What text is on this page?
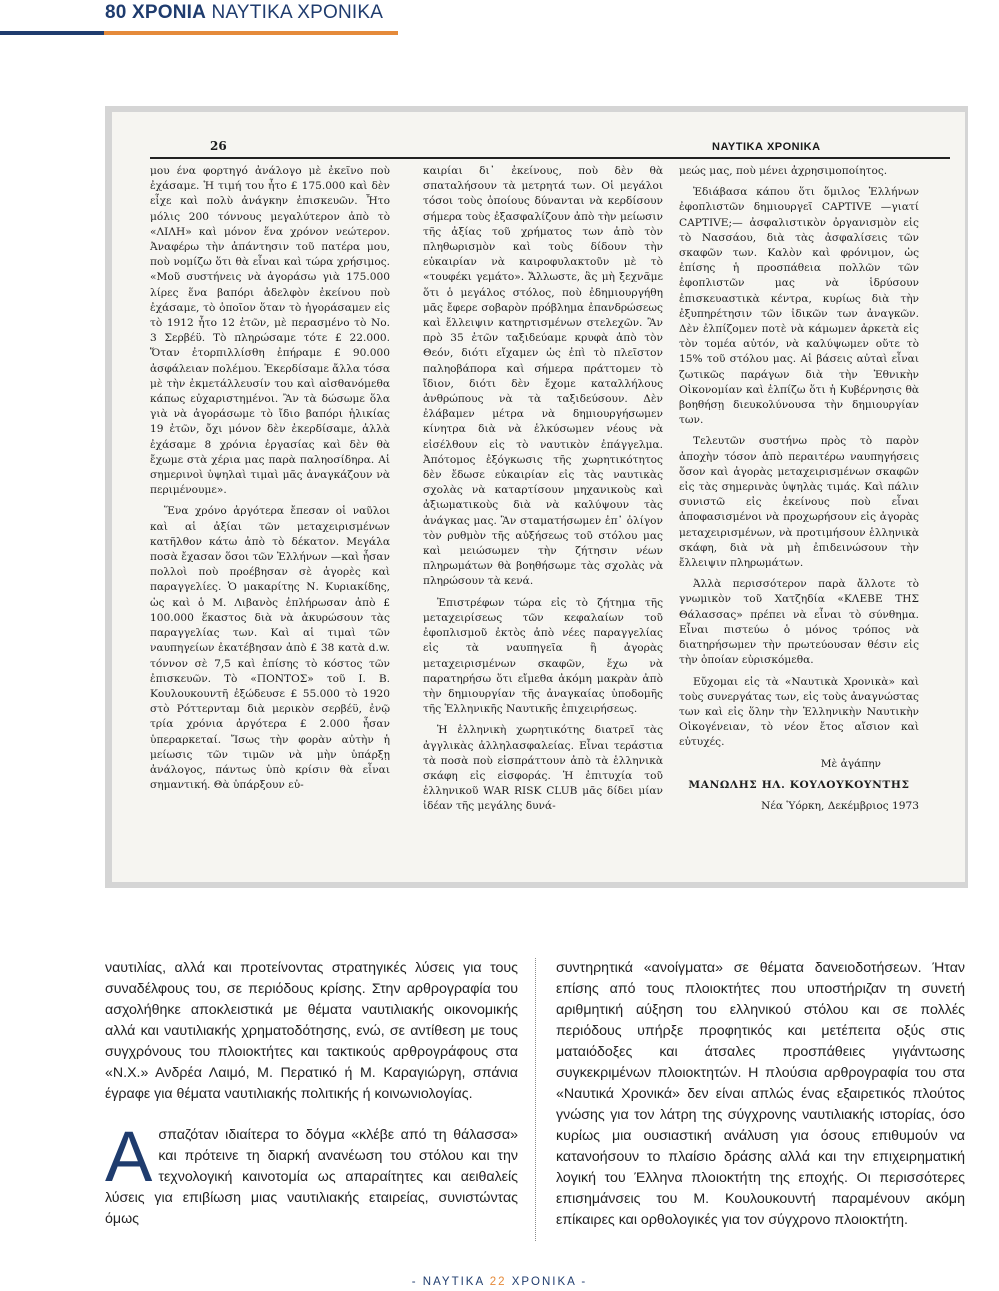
80 ΧΡΟΝΙΑ ΝΑΥΤΙΚΑ ΧΡΟΝΙΚΑ
26	ΝΑΥΤΙΚΑ ΧΡΟΝΙΚΑ

μου ένα φορτηγό ἀνάλογο μὲ ἐκεῖνο ποὺ ἐχάσαμε. Ἡ τιμή του ἦτο £ 175.000 καὶ δὲν εἶχε καὶ πολὺ ἀνάγκην ἐπισκευῶν. Ἦτο μόλις 200 τόννους μεγαλύτερον ἀπὸ τὸ «ΛΙΛΗ» καὶ μόνον ἕνα χρόνον νεώτερον. Ἀναφέρω τὴν ἀπάντησιν τοῦ πατέρα μου, ποὺ νομίζω ὅτι θὰ εἶναι καὶ τώρα χρήσιμος. «Μοῦ συστήνεις νὰ ἀγοράσω γιὰ 175.000 λίρες ἕνα βαπόρι ἀδελφὸν ἐκείνου ποὺ ἐχάσαμε, τὸ ὁποῖον ὅταν τὸ ἠγοράσαμεν εἰς τὸ 1912 ἦτο 12 ἐτῶν, μὲ περασμένο τὸ Νο. 3 Σερβέϋ. Τὸ πληρώσαμε τότε £ 22.000. Ὅταν ἐτορπιλλίσθη ἐπήραμε £ 90.000 ἀσφάλειαν πολέμου. Ἐκερδίσαμε ἄλλα τόσα μὲ τὴν ἐκμετάλλευσίν του καὶ αἰσθανόμεθα κάπως εὐχαριστημένοι. Ἂν τὰ δώσωμε ὅλα γιὰ νὰ ἀγοράσωμε τὸ ἴδιο βαπόρι ἡλικίας 19 ἐτῶν, ὄχι μόνον δὲν ἐκερδίσαμε, ἀλλὰ ἐχάσαμε 8 χρόνια ἐργασίας καὶ δὲν θὰ ἔχωμε στὰ χέρια μας παρὰ παληοσίδηρα. Αἱ σημερινοὶ ὑψηλαὶ τιμαὶ μᾶς ἀναγκάζουν νὰ περιμένουμε».

Ἕνα χρόνο ἀργότερα ἔπεσαν οἱ ναῦλοι καὶ αἱ ἀξίαι τῶν μεταχειρισμένων κατῆλθον κάτω ἀπὸ τὸ δέκατον. Μεγάλα ποσὰ ἔχασαν ὅσοι τῶν Ἑλλήνων —καὶ ἦσαν πολλοὶ ποὺ προέβησαν σὲ ἀγορὲς καὶ παραγγελίες. Ὁ μακαρίτης Ν. Κυριακίδης, ὡς καὶ ὁ Μ. Λιβανὸς ἐπλήρωσαν ἀπὸ £ 100.000 ἕκαστος διὰ νὰ ἀκυρώσουν τὰς παραγγελίας των. Καὶ αἱ τιμαὶ τῶν ναυπηγείων ἐκατέβησαν ἀπὸ £ 38 κατὰ d.w. τόννον σὲ 7,5 καὶ ἐπίσης τὸ κόστος τῶν ἐπισκευῶν. Τὸ «ΠΟΝΤΟΣ» τοῦ Ι. Β. Κουλουκουντῆ ἐξώδευσε £ 55.000 τὸ 1920 στὸ Ρόττερνταμ διὰ μερικὸν σερβέϋ, ἐνῷ τρία χρόνια ἀργότερα £ 2.000 ἦσαν ὑπεραρκεταί. Ἴσως τὴν φορὰν αὐτὴν ἡ μείωσις τῶν τιμῶν νὰ μὴν ὑπάρξῃ ἀνάλογος, πάντως ὑπὸ κρίσιν θὰ εἶναι σημαντική. Θὰ ὑπάρξουν εὐ-

καιρίαι δι᾽ ἐκείνους, ποὺ δὲν θὰ σπαταλήσουν τὰ μετρητά των. Οἱ μεγάλοι τόσοι τοὺς ὁποίους δύνανται νὰ κερδίσουν σήμερα τοὺς ἐξασφαλίζουν ἀπὸ τὴν μείωσιν τῆς ἀξίας τοῦ χρήματος των ἀπὸ τὸν πληθωρισμὸν καὶ τοὺς δίδουν τὴν εὐκαιρίαν νὰ καιροφυλακτοῦν μὲ τὸ «τουφέκι γεμάτο». Ἄλλωστε, ἂς μὴ ξεχνᾶμε ὅτι ὁ μεγάλος στόλος, ποὺ ἐδημιουργήθη μᾶς ἔφερε σοβαρὸν πρόβλημα ἐπανδρώσεως καὶ ἔλλειψιν κατηρτισμένων στελεχῶν. Ἂν πρὸ 35 ἐτῶν ταξιδεύαμε κρυφὰ ἀπὸ τὸν Θεόν, διότι εἴχαμεν ὡς ἐπὶ τὸ πλεῖστον παληοβάπορα καὶ σήμερα πράττομεν τὸ ἴδιον, διότι δὲν ἔχομε καταλλήλους ἀνθρώπους νὰ τὰ ταξιδεύσουν. Δὲν ἐλάβαμεν μέτρα νὰ δημιουργήσωμεν κίνητρα διὰ νὰ ἑλκύσωμεν νέους νὰ εἰσέλθουν εἰς τὸ ναυτικὸν ἐπάγγελμα. Ἀπότομος ἐξόγκωσις τῆς χωρητικότητος δὲν ἔδωσε εὐκαιρίαν εἰς τὰς ναυτικὰς σχολὰς νὰ καταρτίσουν μηχανικοὺς καὶ ἀξιωματικοὺς διὰ νὰ καλύψουν τὰς ἀνάγκας μας. Ἂν σταματήσωμεν ἐπ᾽ ὀλίγον τὸν ρυθμὸν τῆς αὐξήσεως τοῦ στόλου μας καὶ μειώσωμεν τὴν ζήτησιν νέων πληρωμάτων θὰ βοηθήσωμε τὰς σχολὰς νὰ πληρώσουν τὰ κενά.

Ἐπιστρέφων τώρα εἰς τὸ ζήτημα τῆς μεταχειρίσεως τῶν κεφαλαίων τοῦ ἐφοπλισμοῦ ἐκτὸς ἀπὸ νέες παραγγελίας εἰς τὰ ναυπηγεῖα ἢ ἀγορὰς μεταχειρισμένων σκαφῶν, ἔχω νὰ παρατηρήσω ὅτι εἴμεθα ἀκόμη μακρὰν ἀπὸ τὴν δημιουργίαν τῆς ἀναγκαίας ὑποδομῆς τῆς Ἑλληνικῆς Ναυτικῆς ἐπιχειρήσεως.

Ἡ ἑλληνικὴ χωρητικότης διατρεῖ τὰς ἀγγλικὰς ἀλληλασφαλείας. Εἶναι τεράστια τὰ ποσὰ ποὺ εἰσπράττουν ἀπὸ τὰ ἑλληνικὰ σκάφη εἰς εἰσφοράς. Ἡ ἐπιτυχία τοῦ ἑλληνικοῦ WAR RISK CLUB μᾶς δίδει μίαν ἰδέαν τῆς μεγάλης δυνά-

μεώς μας, ποὺ μένει ἀχρησιμοποίητος.

Ἐδιάβασα κάπου ὅτι ὅμιλος Ἑλλήνων ἐφοπλιστῶν δημιουργεῖ CAPTIVE —γιατί CAPTIVE;— ἀσφαλιστικὸν ὀργανισμὸν εἰς τὸ Νασσάου, διὰ τὰς ἀσφαλίσεις τῶν σκαφῶν των. Καλὸν καὶ φρόνιμον, ὡς ἐπίσης ἡ προσπάθεια πολλῶν τῶν ἐφοπλιστῶν μας νὰ ἱδρύσουν ἐπισκευαστικὰ κέντρα, κυρίως διὰ τὴν ἐξυπηρέτησιν τῶν ἰδικῶν των ἀναγκῶν. Δὲν ἐλπίζομεν ποτὲ νὰ κάμωμεν ἀρκετὰ εἰς τὸν τομέα αὐτόν, νὰ καλύψωμεν οὔτε τὸ 15% τοῦ στόλου μας. Αἱ βάσεις αὐταὶ εἶναι ζωτικῶς παράγων διὰ τὴν Ἐθνικὴν Οἰκονομίαν καὶ ἐλπίζω ὅτι ἡ Κυβέρνησις θὰ βοηθήσῃ διευκολύνουσα τὴν δημιουργίαν των.

Τελευτῶν συστήνω πρὸς τὸ παρὸν ἀποχὴν τόσον ἀπὸ περαιτέρω ναυπηγήσεις ὅσον καὶ ἀγορὰς μεταχειρισμένων σκαφῶν εἰς τὰς σημερινὰς ὑψηλὰς τιμάς. Καὶ πάλιν συνιστῶ εἰς ἐκείνους ποὺ εἶναι ἀποφασισμένοι νὰ προχωρήσουν εἰς ἀγορὰς μεταχειρισμένων, νὰ προτιμήσουν ἑλληνικὰ σκάφη, διὰ νὰ μὴ ἐπιδεινώσουν τὴν ἔλλειψιν πληρωμάτων.

Ἀλλὰ περισσότερον παρὰ ἄλλοτε τὸ γνωμικὸν τοῦ Χατζηδία «ΚΛΕΒΕ ΤΗΣ Θάλασσας» πρέπει νὰ εἶναι τὸ σύνθημα. Εἶναι πιστεύω ὁ μόνος τρόπος νὰ διατηρήσωμεν τὴν πρωτεύουσαν θέσιν εἰς τὴν ὁποίαν εὑρισκόμεθα.

Εὔχομαι εἰς τὰ «Ναυτικὰ Χρονικὰ» καὶ τοὺς συνεργάτας των, εἰς τοὺς ἀναγνώστας των καὶ εἰς ὅλην τὴν Ἑλληνικὴν Ναυτικὴν Οἰκογένειαν, τὸ νέον ἔτος αἴσιον καὶ εὐτυχές.

Μὲ ἀγάπην

ΜΑΝΩΛΗΣ ΗΛ. ΚΟΥΛΟΥΚΟΥΝΤΗΣ

Νέα Ὑόρκη, Δεκέμβριος 1973

ναυτιλίας, αλλά και προτείνοντας στρατηγικές λύσεις για τους συναδέλφους του, σε περιόδους κρίσης. Στην αρθρογραφία του ασχολήθηκε αποκλειστικά με θέματα ναυτιλιακής οικονομικής αλλά και ναυτιλιακής χρηματοδότησης, ενώ, σε αντίθεση με τους συγχρόνους του πλοιοκτήτες και τακτικούς αρθρογράφους στα «Ν.Χ.» Ανδρέα Λαιμό, Μ. Περατικό ή Μ. Καραγιώργη, σπάνια έγραφε για θέματα ναυτιλιακής πολιτικής ή κοινωνιολογίας.

Ασπαζόταν ιδιαίτερα το δόγμα «κλέβε από τη θάλασσα» και πρότεινε τη διαρκή ανανέωση του στόλου και την τεχνολογική καινοτομία ως απαραίτητες και αειθαλείς λύσεις για επιβίωση μιας ναυτιλιακής εταιρείας, συνιστώντας όμως

συντηρητικά «ανοίγματα» σε θέματα δανειοδοτήσεων. Ήταν επίσης από τους πλοιοκτήτες που υποστήριζαν τη συνετή αριθμητική αύξηση του ελληνικού στόλου και σε πολλές περιόδους υπήρξε προφητικός και μετέπειτα οξύς στις ματαιόδοξες και άτσαλες προσπάθειες γιγάντωσης συγκεκριμένων πλοιοκτητών. Η πλούσια αρθρογραφία του στα «Ναυτικά Χρονικά» δεν είναι απλώς ένας εξαιρετικός πλούτος γνώσης για τον λάτρη της σύγχρονης ναυτιλιακής ιστορίας, όσο κυρίως μια ουσιαστική ανάλυση για όσους επιθυμούν να κατανοήσουν το πλαίσιο δράσης αλλά και την επιχειρηματική λογική του Έλληνα πλοιοκτήτη της εποχής. Οι περισσότερες επισημάνσεις του Μ. Κουλουκουντή παραμένουν ακόμη επίκαιρες και ορθολογικές για τον σύγχρονο πλοιοκτήτη.

- ΝΑΥΤΙΚΑ 22 ΧΡΟΝΙΚΑ -
